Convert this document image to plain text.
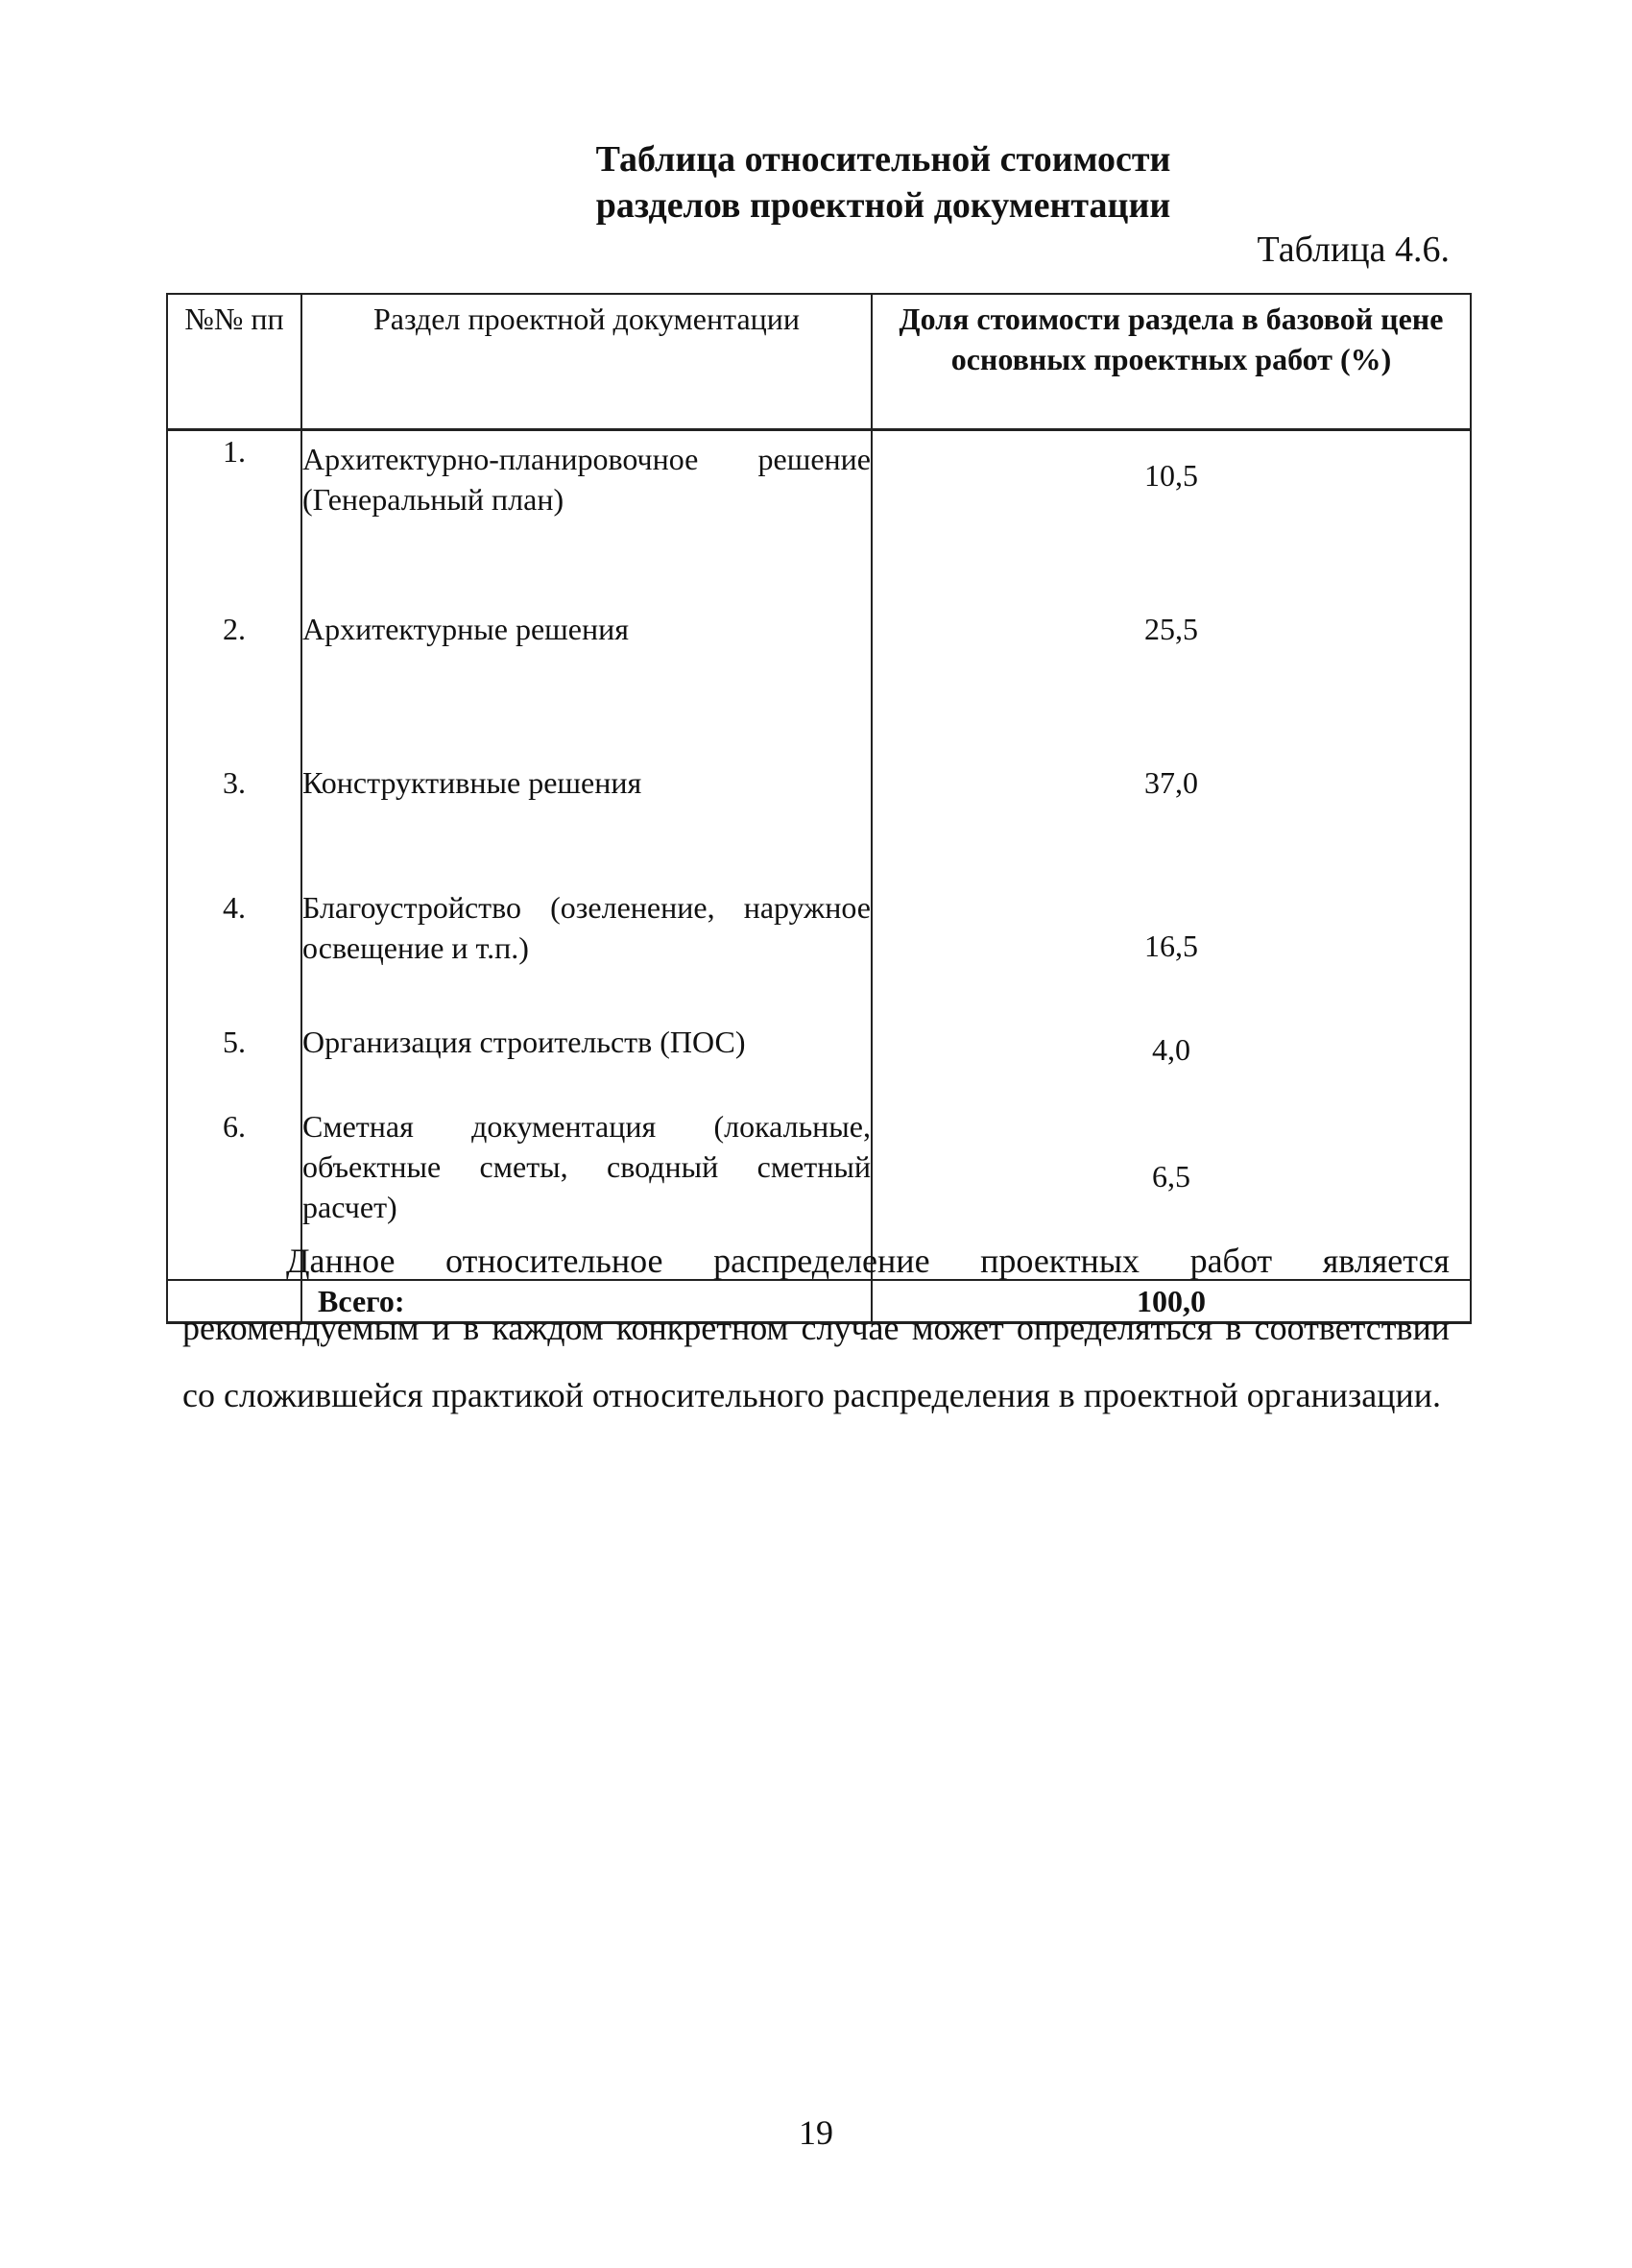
Таблица относительной стоимости
разделов проектной документации
Таблица 4.6.
№№ пп	Раздел проектной документации	Доля стоимости раздела в базовой цене основных проектных работ (%)
1.	Архитектурно-планировочное решение (Генеральный план)	10,5
2.	Архитектурные решения	25,5
3.	Конструктивные решения	37,0
4.	Благоустройство (озеленение, наружное освещение и т.п.)	16,5
5.	Организация строительств (ПОС)	4,0
6.	Сметная документация (локальные, объектные сметы, сводный сметный расчет)	6,5
	Всего:	100,0
Данное относительное распределение проектных работ является рекомендуемым и в каждом конкретном случае может определяться в соответствии со сложившейся практикой относительного распределения в проектной организации.
19
